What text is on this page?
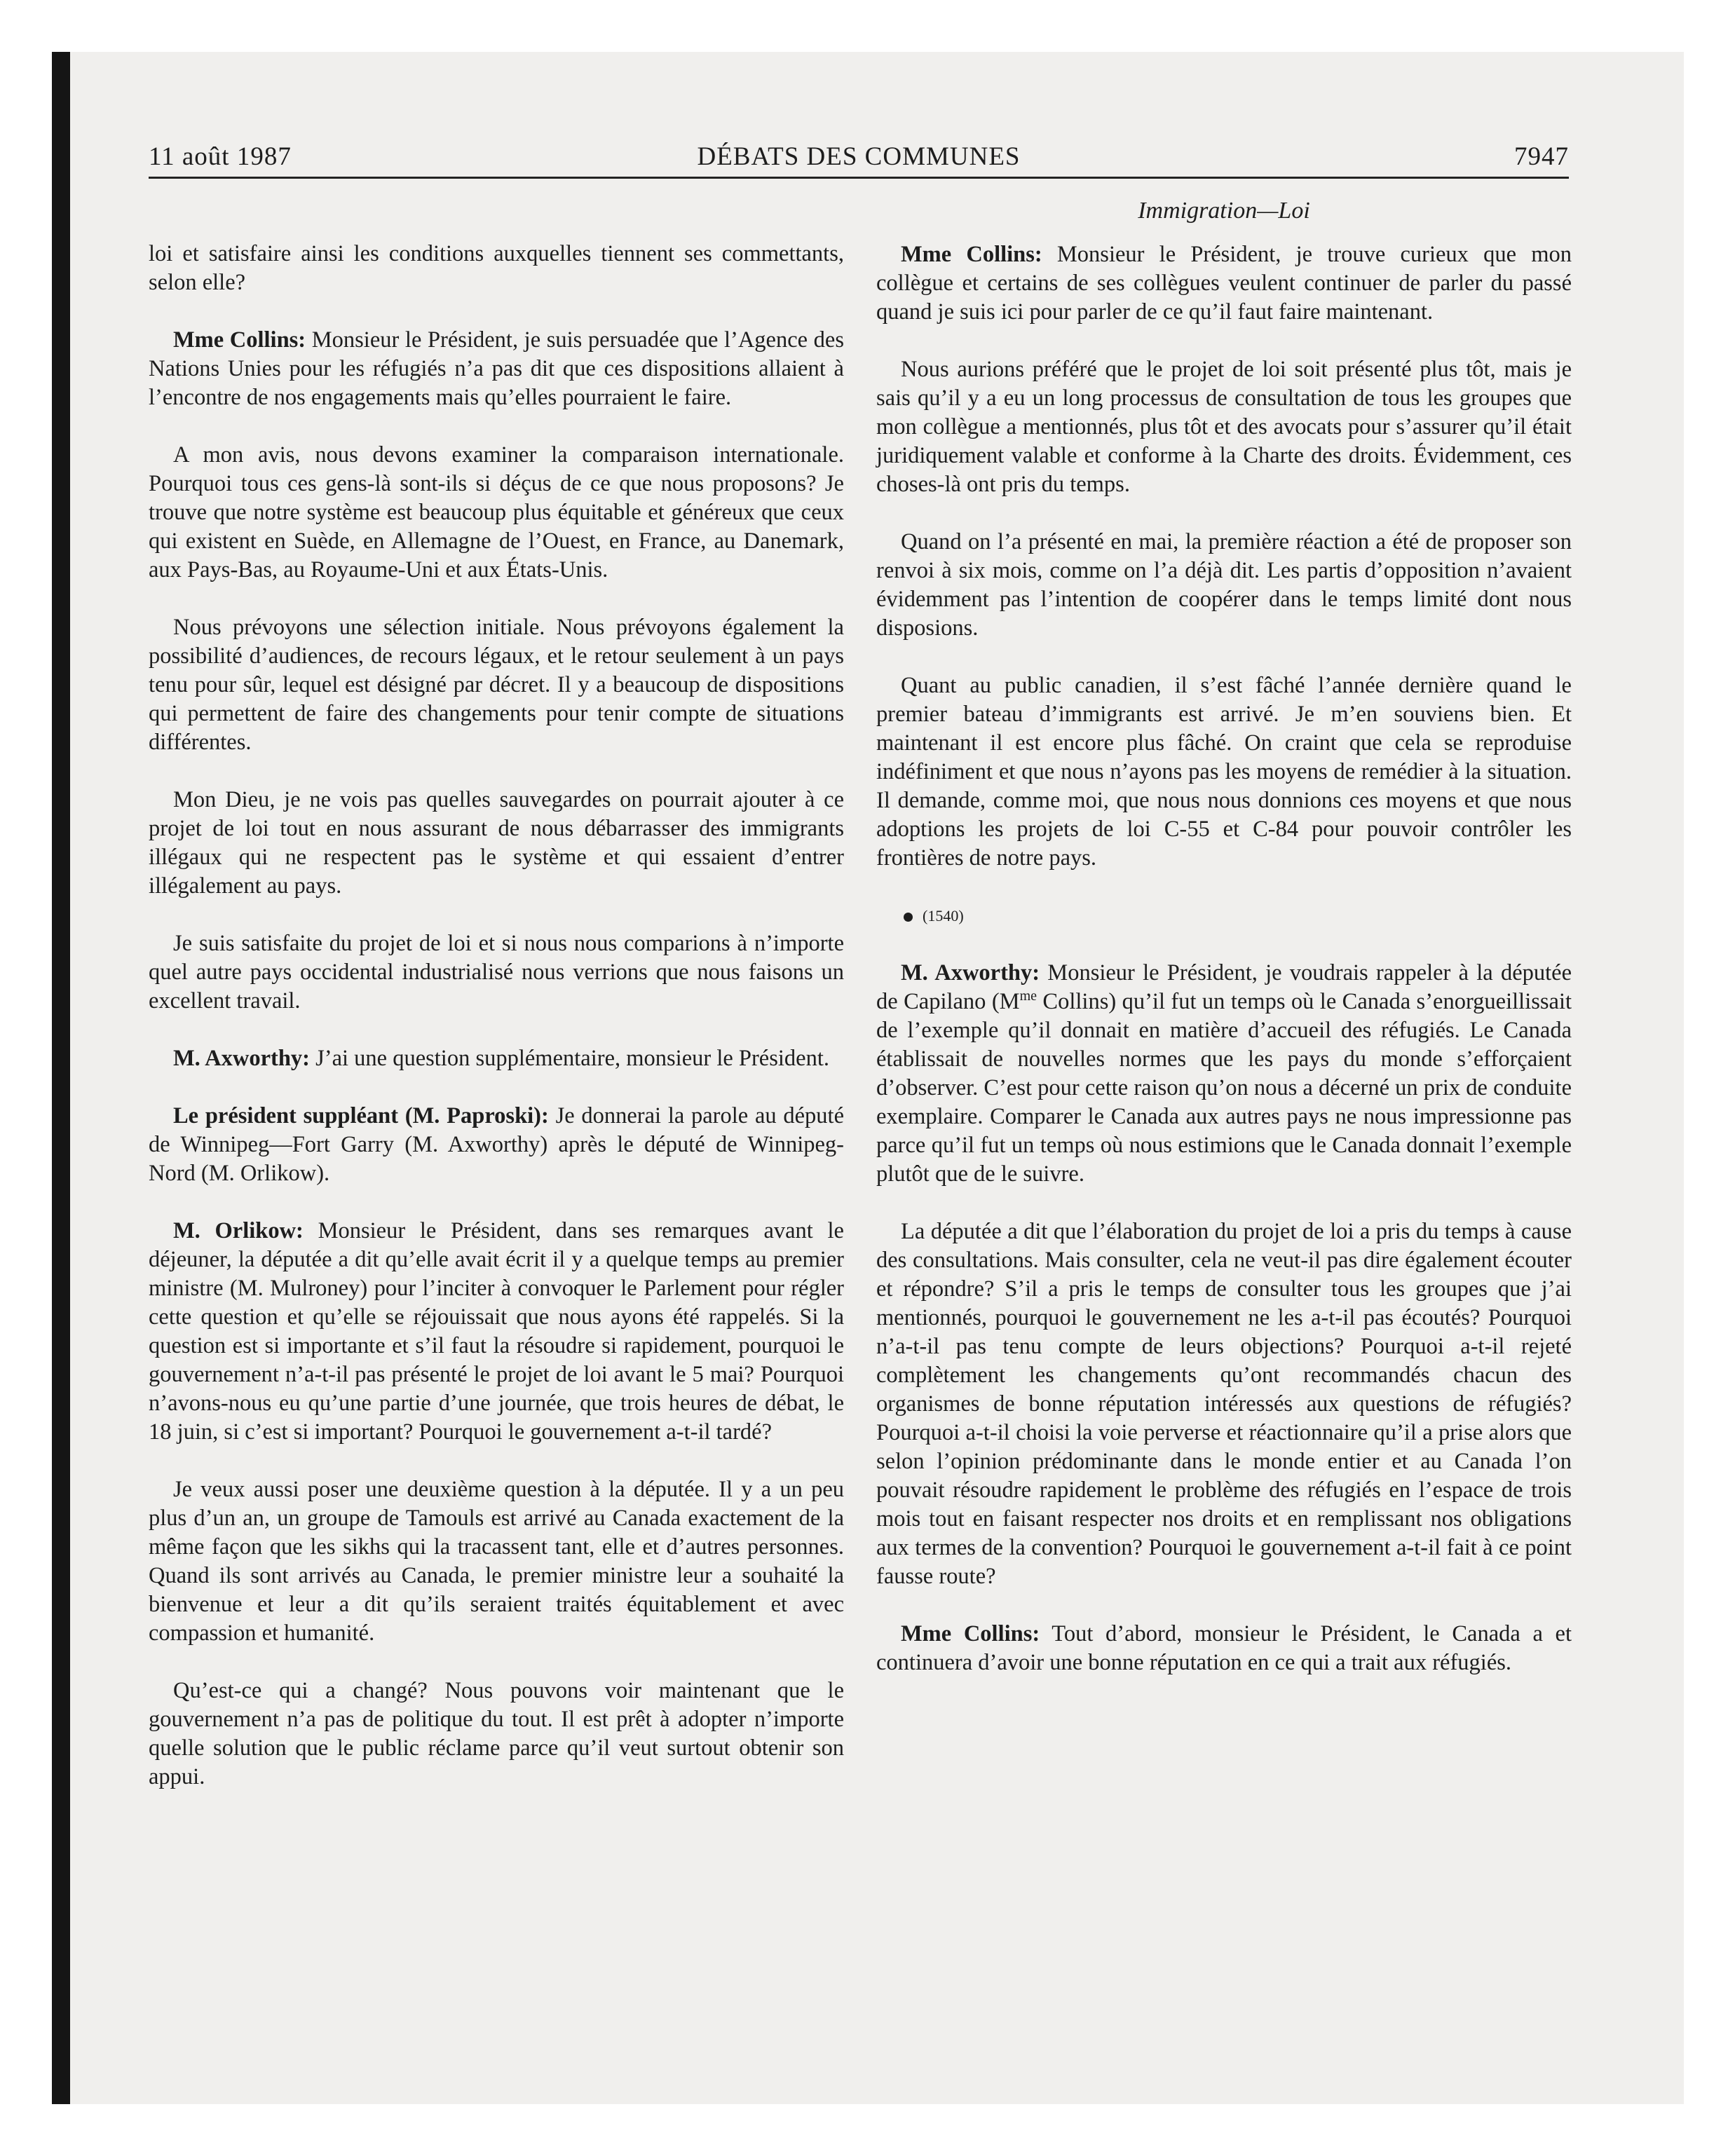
11 août 1987	DÉBATS DES COMMUNES	7947

loi et satisfaire ainsi les conditions auxquelles tiennent ses commettants, selon elle?

Mme Collins: Monsieur le Président, je suis persuadée que l’Agence des Nations Unies pour les réfugiés n’a pas dit que ces dispositions allaient à l’encontre de nos engagements mais qu’elles pourraient le faire.

A mon avis, nous devons examiner la comparaison internationale. Pourquoi tous ces gens-là sont-ils si déçus de ce que nous proposons? Je trouve que notre système est beaucoup plus équitable et généreux que ceux qui existent en Suède, en Allemagne de l’Ouest, en France, au Danemark, aux Pays-Bas, au Royaume-Uni et aux États-Unis.

Nous prévoyons une sélection initiale. Nous prévoyons également la possibilité d’audiences, de recours légaux, et le retour seulement à un pays tenu pour sûr, lequel est désigné par décret. Il y a beaucoup de dispositions qui permettent de faire des changements pour tenir compte de situations différentes.

Mon Dieu, je ne vois pas quelles sauvegardes on pourrait ajouter à ce projet de loi tout en nous assurant de nous débarrasser des immigrants illégaux qui ne respectent pas le système et qui essaient d’entrer illégalement au pays.

Je suis satisfaite du projet de loi et si nous nous comparions à n’importe quel autre pays occidental industrialisé nous verrions que nous faisons un excellent travail.

M. Axworthy: J’ai une question supplémentaire, monsieur le Président.

Le président suppléant (M. Paproski): Je donnerai la parole au député de Winnipeg—Fort Garry (M. Axworthy) après le député de Winnipeg-Nord (M. Orlikow).

M. Orlikow: Monsieur le Président, dans ses remarques avant le déjeuner, la députée a dit qu’elle avait écrit il y a quelque temps au premier ministre (M. Mulroney) pour l’inciter à convoquer le Parlement pour régler cette question et qu’elle se réjouissait que nous ayons été rappelés. Si la question est si importante et s’il faut la résoudre si rapidement, pourquoi le gouvernement n’a-t-il pas présenté le projet de loi avant le 5 mai? Pourquoi n’avons-nous eu qu’une partie d’une journée, que trois heures de débat, le 18 juin, si c’est si important? Pourquoi le gouvernement a-t-il tardé?

Je veux aussi poser une deuxième question à la députée. Il y a un peu plus d’un an, un groupe de Tamouls est arrivé au Canada exactement de la même façon que les sikhs qui la tracassent tant, elle et d’autres personnes. Quand ils sont arrivés au Canada, le premier ministre leur a souhaité la bienvenue et leur a dit qu’ils seraient traités équitablement et avec compassion et humanité.

Qu’est-ce qui a changé? Nous pouvons voir maintenant que le gouvernement n’a pas de politique du tout. Il est prêt à adopter n’importe quelle solution que le public réclame parce qu’il veut surtout obtenir son appui.

Immigration—Loi

Mme Collins: Monsieur le Président, je trouve curieux que mon collègue et certains de ses collègues veulent continuer de parler du passé quand je suis ici pour parler de ce qu’il faut faire maintenant.

Nous aurions préféré que le projet de loi soit présenté plus tôt, mais je sais qu’il y a eu un long processus de consultation de tous les groupes que mon collègue a mentionnés, plus tôt et des avocats pour s’assurer qu’il était juridiquement valable et conforme à la Charte des droits. Évidemment, ces choses-là ont pris du temps.

Quand on l’a présenté en mai, la première réaction a été de proposer son renvoi à six mois, comme on l’a déjà dit. Les partis d’opposition n’avaient évidemment pas l’intention de coopérer dans le temps limité dont nous disposions.

Quant au public canadien, il s’est fâché l’année dernière quand le premier bateau d’immigrants est arrivé. Je m’en souviens bien. Et maintenant il est encore plus fâché. On craint que cela se reproduise indéfiniment et que nous n’ayons pas les moyens de remédier à la situation. Il demande, comme moi, que nous nous donnions ces moyens et que nous adoptions les projets de loi C-55 et C-84 pour pouvoir contrôler les frontières de notre pays.

(1540)

M. Axworthy: Monsieur le Président, je voudrais rappeler à la députée de Capilano ($M^{me}$ Collins) qu’il fut un temps où le Canada s’enorgueillissait de l’exemple qu’il donnait en matière d’accueil des réfugiés. Le Canada établissait de nouvelles normes que les pays du monde s’efforçaient d’observer. C’est pour cette raison qu’on nous a décerné un prix de conduite exemplaire. Comparer le Canada aux autres pays ne nous impressionne pas parce qu’il fut un temps où nous estimions que le Canada donnait l’exemple plutôt que de le suivre.

La députée a dit que l’élaboration du projet de loi a pris du temps à cause des consultations. Mais consulter, cela ne veut-il pas dire également écouter et répondre? S’il a pris le temps de consulter tous les groupes que j’ai mentionnés, pourquoi le gouvernement ne les a-t-il pas écoutés? Pourquoi n’a-t-il pas tenu compte de leurs objections? Pourquoi a-t-il rejeté complètement les changements qu’ont recommandés chacun des organismes de bonne réputation intéressés aux questions de réfugiés? Pourquoi a-t-il choisi la voie perverse et réactionnaire qu’il a prise alors que selon l’opinion prédominante dans le monde entier et au Canada l’on pouvait résoudre rapidement le problème des réfugiés en l’espace de trois mois tout en faisant respecter nos droits et en remplissant nos obligations aux termes de la convention? Pourquoi le gouvernement a-t-il fait à ce point fausse route?

Mme Collins: Tout d’abord, monsieur le Président, le Canada a et continuera d’avoir une bonne réputation en ce qui a trait aux réfugiés.
